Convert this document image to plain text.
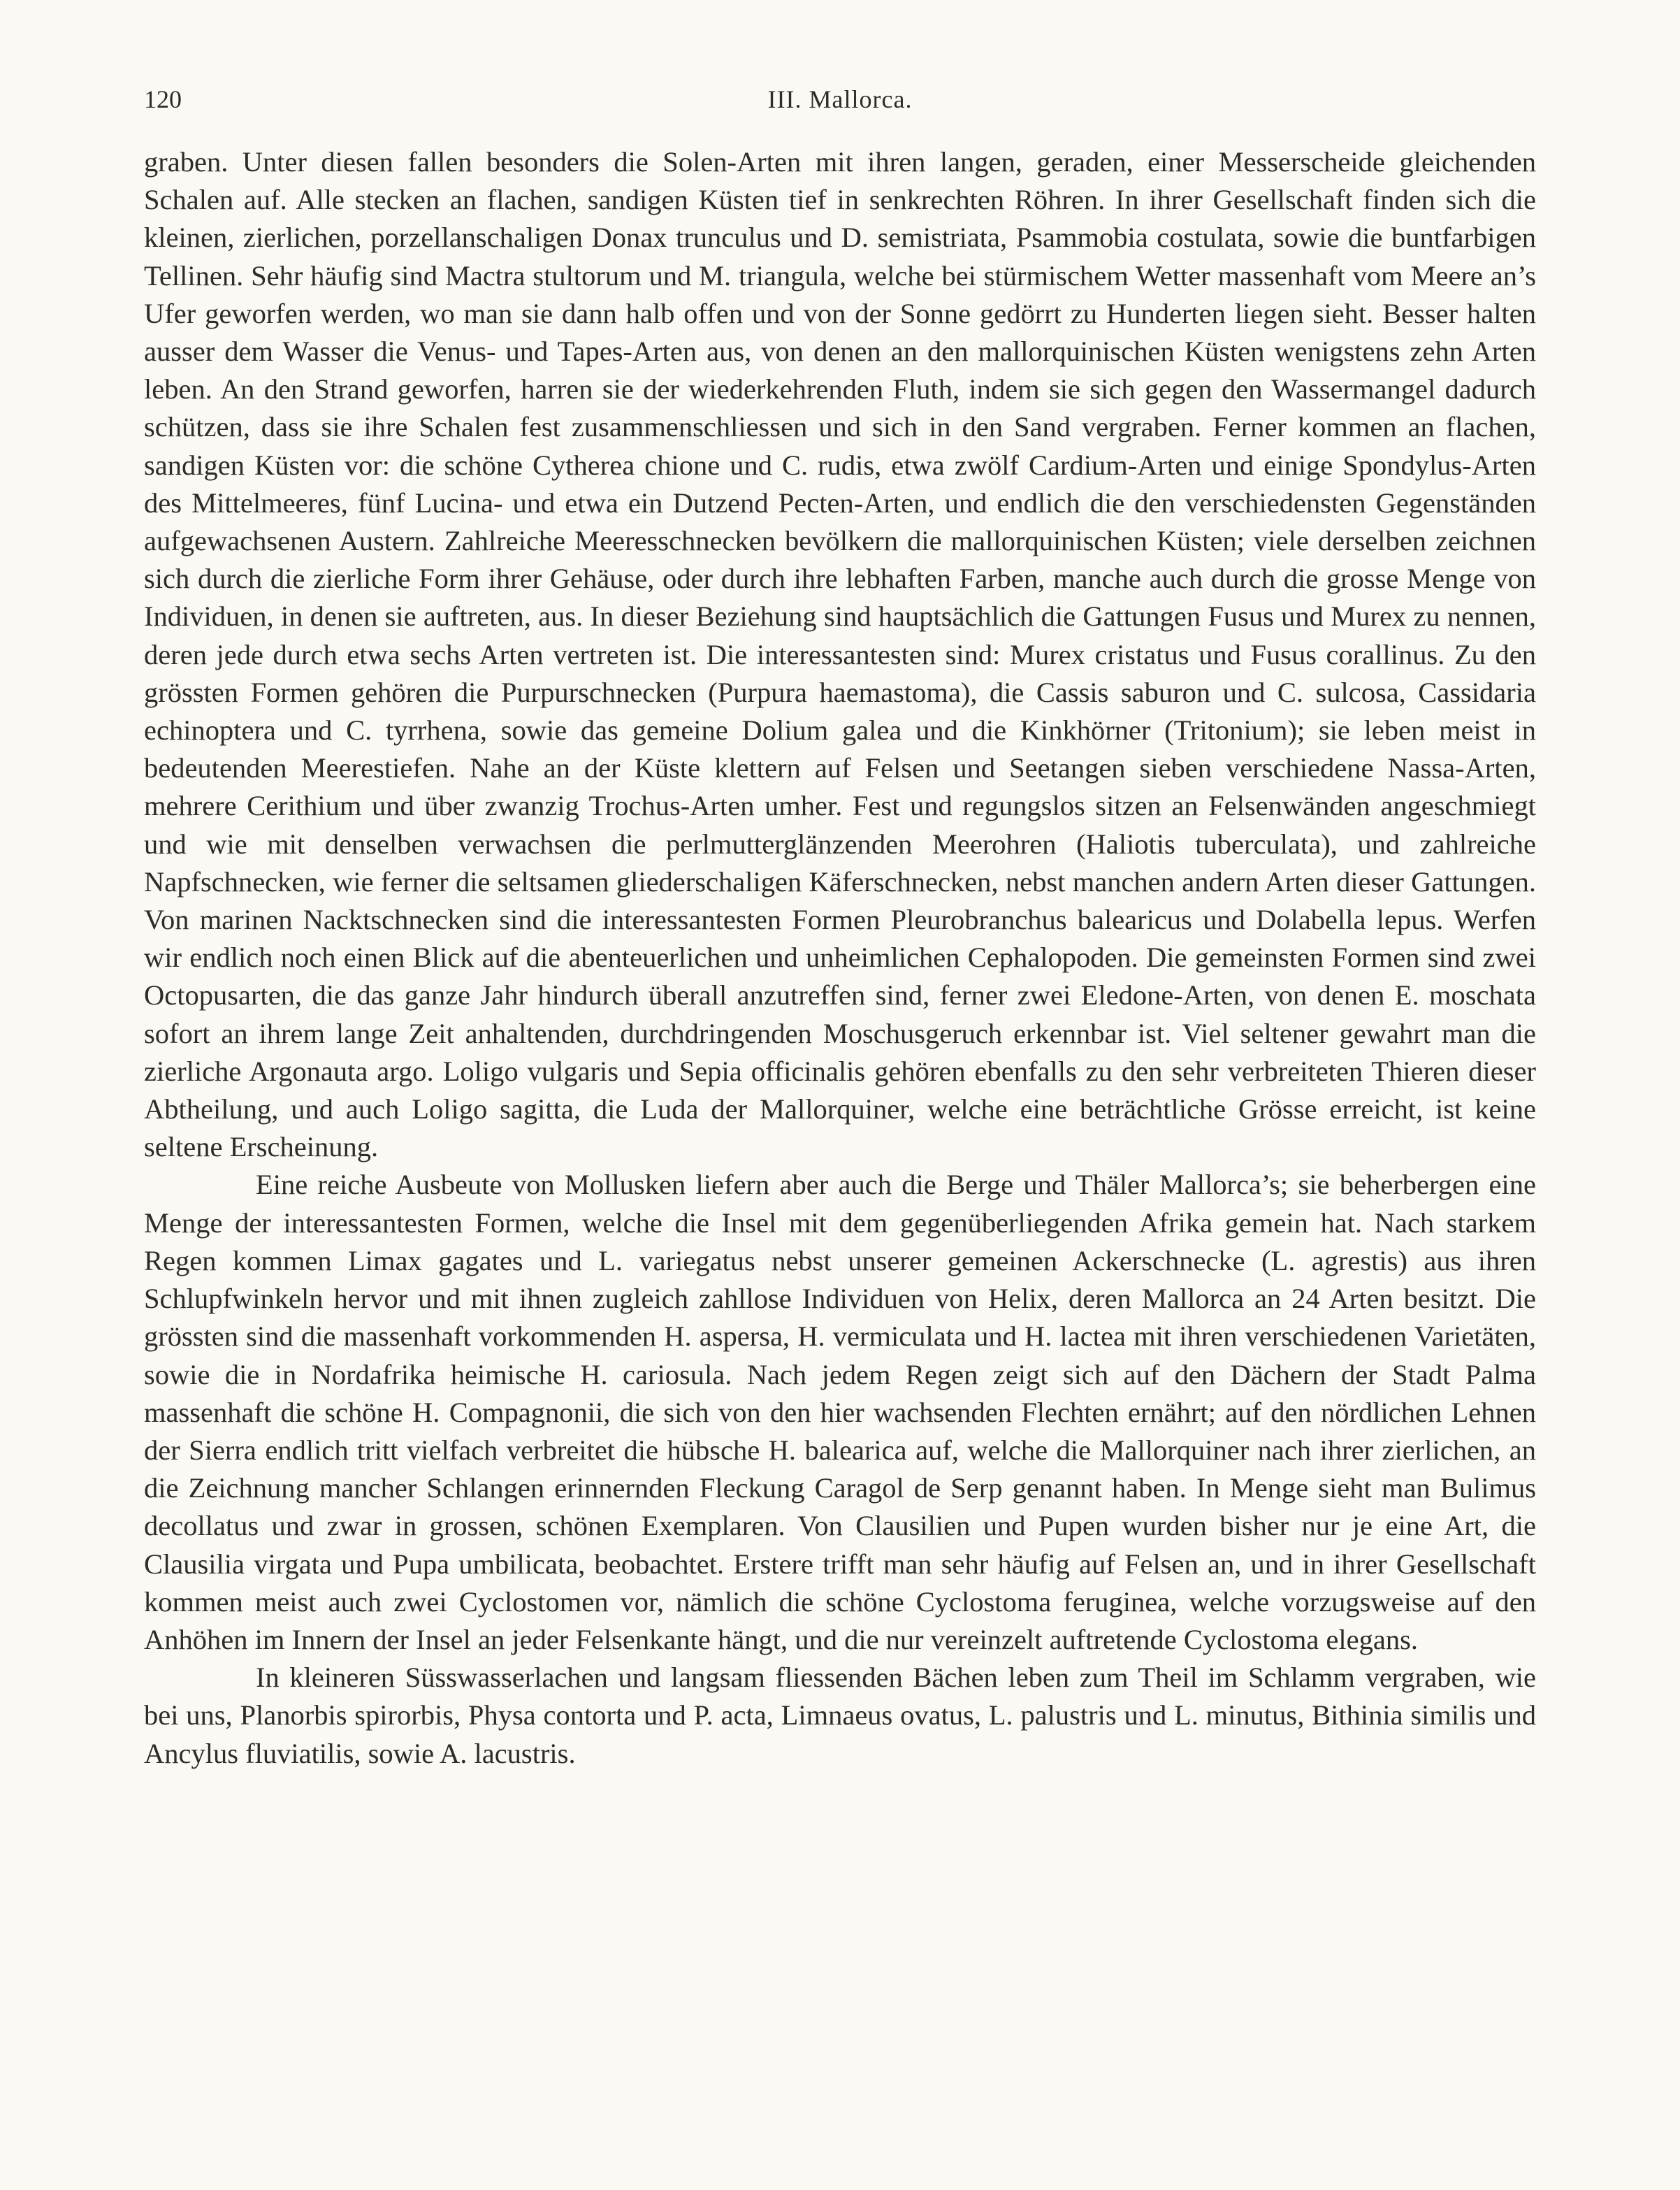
120	III. Mallorca.

graben. Unter diesen fallen besonders die Solen-Arten mit ihren langen, geraden, einer Messerscheide gleichenden Schalen auf. Alle stecken an flachen, sandigen Küsten tief in senkrechten Röhren. In ihrer Gesellschaft finden sich die kleinen, zierlichen, porzellanschaligen Donax trunculus und D. semistriata, Psammobia costulata, sowie die buntfarbigen Tellinen. Sehr häufig sind Mactra stultorum und M. triangula, welche bei stürmischem Wetter massenhaft vom Meere an’s Ufer geworfen werden, wo man sie dann halb offen und von der Sonne gedörrt zu Hunderten liegen sieht. Besser halten ausser dem Wasser die Venus- und Tapes-Arten aus, von denen an den mallorquinischen Küsten wenigstens zehn Arten leben. An den Strand geworfen, harren sie der wiederkehrenden Fluth, indem sie sich gegen den Wassermangel dadurch schützen, dass sie ihre Schalen fest zusammenschliessen und sich in den Sand vergraben. Ferner kommen an flachen, sandigen Küsten vor: die schöne Cytherea chione und C. rudis, etwa zwölf Cardium-Arten und einige Spondylus-Arten des Mittelmeeres, fünf Lucina- und etwa ein Dutzend Pecten-Arten, und endlich die den verschiedensten Gegenständen aufgewachsenen Austern. Zahlreiche Meeresschnecken bevölkern die mallorquinischen Küsten; viele derselben zeichnen sich durch die zierliche Form ihrer Gehäuse, oder durch ihre lebhaften Farben, manche auch durch die grosse Menge von Individuen, in denen sie auftreten, aus. In dieser Beziehung sind hauptsächlich die Gattungen Fusus und Murex zu nennen, deren jede durch etwa sechs Arten vertreten ist. Die interessantesten sind: Murex cristatus und Fusus corallinus. Zu den grössten Formen gehören die Purpurschnecken (Purpura haemastoma), die Cassis saburon und C. sulcosa, Cassidaria echinoptera und C. tyrrhena, sowie das gemeine Dolium galea und die Kinkhörner (Tritonium); sie leben meist in bedeutenden Meerestiefen. Nahe an der Küste klettern auf Felsen und Seetangen sieben verschiedene Nassa-Arten, mehrere Cerithium und über zwanzig Trochus-Arten umher. Fest und regungslos sitzen an Felsenwänden angeschmiegt und wie mit denselben verwachsen die perlmutterglänzenden Meerohren (Haliotis tuberculata), und zahlreiche Napfschnecken, wie ferner die seltsamen gliederschaligen Käferschnecken, nebst manchen andern Arten dieser Gattungen. Von marinen Nacktschnecken sind die interessantesten Formen Pleurobranchus balearicus und Dolabella lepus. Werfen wir endlich noch einen Blick auf die abenteuerlichen und unheimlichen Cephalopoden. Die gemeinsten Formen sind zwei Octopusarten, die das ganze Jahr hindurch überall anzutreffen sind, ferner zwei Eledone-Arten, von denen E. moschata sofort an ihrem lange Zeit anhaltenden, durchdringenden Moschusgeruch erkennbar ist. Viel seltener gewahrt man die zierliche Argonauta argo. Loligo vulgaris und Sepia officinalis gehören ebenfalls zu den sehr verbreiteten Thieren dieser Abtheilung, und auch Loligo sagitta, die Luda der Mallorquiner, welche eine beträchtliche Grösse erreicht, ist keine seltene Erscheinung.

Eine reiche Ausbeute von Mollusken liefern aber auch die Berge und Thäler Mallorca’s; sie beherbergen eine Menge der interessantesten Formen, welche die Insel mit dem gegenüberliegenden Afrika gemein hat. Nach starkem Regen kommen Limax gagates und L. variegatus nebst unserer gemeinen Ackerschnecke (L. agrestis) aus ihren Schlupfwinkeln hervor und mit ihnen zugleich zahllose Individuen von Helix, deren Mallorca an 24 Arten besitzt. Die grössten sind die massenhaft vorkommenden H. aspersa, H. vermiculata und H. lactea mit ihren verschiedenen Varietäten, sowie die in Nordafrika heimische H. cariosula. Nach jedem Regen zeigt sich auf den Dächern der Stadt Palma massenhaft die schöne H. Compagnonii, die sich von den hier wachsenden Flechten ernährt; auf den nördlichen Lehnen der Sierra endlich tritt vielfach verbreitet die hübsche H. balearica auf, welche die Mallorquiner nach ihrer zierlichen, an die Zeichnung mancher Schlangen erinnernden Fleckung Caragol de Serp genannt haben. In Menge sieht man Bulimus decollatus und zwar in grossen, schönen Exemplaren. Von Clausilien und Pupen wurden bisher nur je eine Art, die Clausilia virgata und Pupa umbilicata, beobachtet. Erstere trifft man sehr häufig auf Felsen an, und in ihrer Gesellschaft kommen meist auch zwei Cyclostomen vor, nämlich die schöne Cyclostoma feruginea, welche vorzugsweise auf den Anhöhen im Innern der Insel an jeder Felsenkante hängt, und die nur vereinzelt auftretende Cyclostoma elegans.

In kleineren Süsswasserlachen und langsam fliessenden Bächen leben zum Theil im Schlamm vergraben, wie bei uns, Planorbis spirorbis, Physa contorta und P. acta, Limnaeus ovatus, L. palustris und L. minutus, Bithinia similis und Ancylus fluviatilis, sowie A. lacustris.
